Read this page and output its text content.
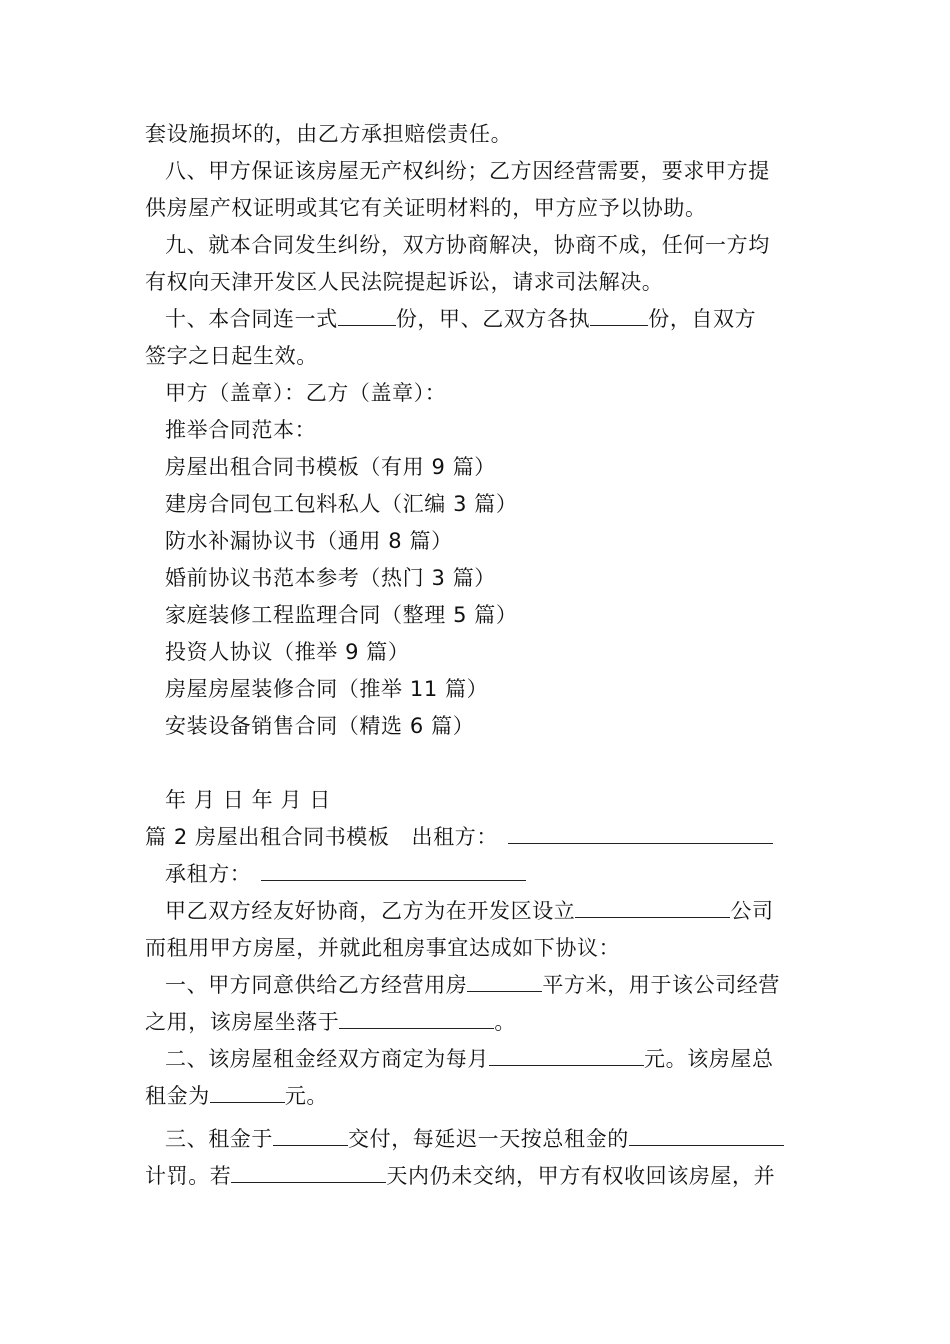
套设施损坏的，由乙方承担赔偿责任。
八、甲方保证该房屋无产权纠纷；乙方因经营需要，要求甲方提
供房屋产权证明或其它有关证明材料的，甲方应予以协助。
九、就本合同发生纠纷，双方协商解决，协商不成，任何一方均
有权向天津开发区人民法院提起诉讼，请求司法解决。
十、本合同连一式	份，甲、乙双方各执	份，自双方
签字之日起生效。
甲方（盖章）：乙方（盖章）：
推举合同范本：
房屋出租合同书模板（有用 9 篇）
建房合同包工包料私人（汇编 3 篇）
防水补漏协议书（通用 8 篇）
婚前协议书范本参考（热门 3 篇）
家庭装修工程监理合同（整理 5 篇）
投资人协议（推举 9 篇）
房屋房屋装修合同（推举 11 篇）
安装设备销售合同（精选 6 篇）
年 月 日 年 月 日
篇 2 房屋出租合同书模板 出租方：
承租方：
甲乙双方经友好协商，乙方为在开发区设立	公司
而租用甲方房屋，并就此租房事宜达成如下协议：
一、甲方同意供给乙方经营用房	平方米，用于该公司经营
之用，该房屋坐落于	。
二、该房屋租金经双方商定为每月	元。该房屋总
租金为	元。
三、租金于	交付，每延迟一天按总租金的
计罚。若	天内仍未交纳，甲方有权收回该房屋，并
